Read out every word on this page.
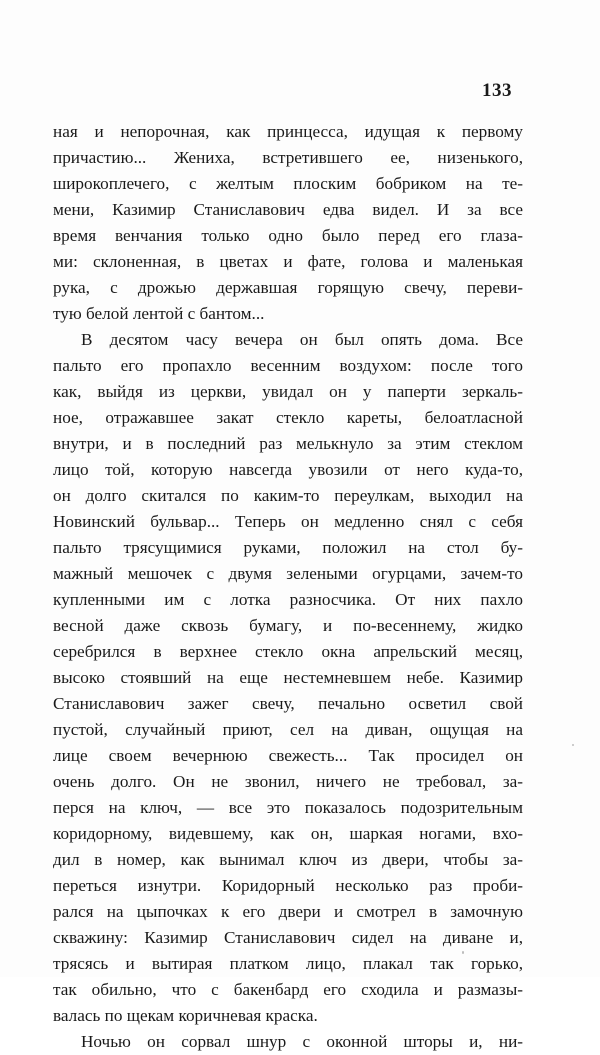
133
ная и непорочная, как принцесса, идущая к первому
причастию... Жениха, встретившего ее, низенького,
широкоплечего, с желтым плоским бобриком на те-
мени, Казимир Станиславович едва видел. И за все
время венчания только одно было перед его глаза-
ми: склоненная, в цветах и фате, голова и маленькая
рука, с дрожью державшая горящую свечу, переви-
тую белой лентой с бантом...
В десятом часу вечера он был опять дома. Все
пальто его пропахло весенним воздухом: после того
как, выйдя из церкви, увидал он у паперти зеркаль-
ное, отражавшее закат стекло кареты, белоатласной
внутри, и в последний раз мелькнуло за этим стеклом
лицо той, которую навсегда увозили от него куда-то,
он долго скитался по каким-то переулкам, выходил на
Новинский бульвар... Теперь он медленно снял с себя
пальто трясущимися руками, положил на стол бу-
мажный мешочек с двумя зелеными огурцами, зачем-то
купленными им с лотка разносчика. От них пахло
весной даже сквозь бумагу, и по-весеннему, жидко
серебрился в верхнее стекло окна апрельский месяц,
высоко стоявший на еще нестемневшем небе. Казимир
Станиславович зажег свечу, печально осветил свой
пустой, случайный приют, сел на диван, ощущая на
лице своем вечернюю свежесть... Так просидел он
очень долго. Он не звонил, ничего не требовал, за-
перся на ключ, — все это показалось подозрительным
коридорному, видевшему, как он, шаркая ногами, вхо-
дил в номер, как вынимал ключ из двери, чтобы за-
переться изнутри. Коридорный несколько раз проби-
рался на цыпочках к его двери и смотрел в замочную
скважину: Казимир Станиславович сидел на диване и,
трясясь и вытирая платком лицо, плакал так горько,
так обильно, что с бакенбард его сходила и размазы-
валась по щекам коричневая краска.
Ночью он сорвал шнур с оконной шторы и, ни-
